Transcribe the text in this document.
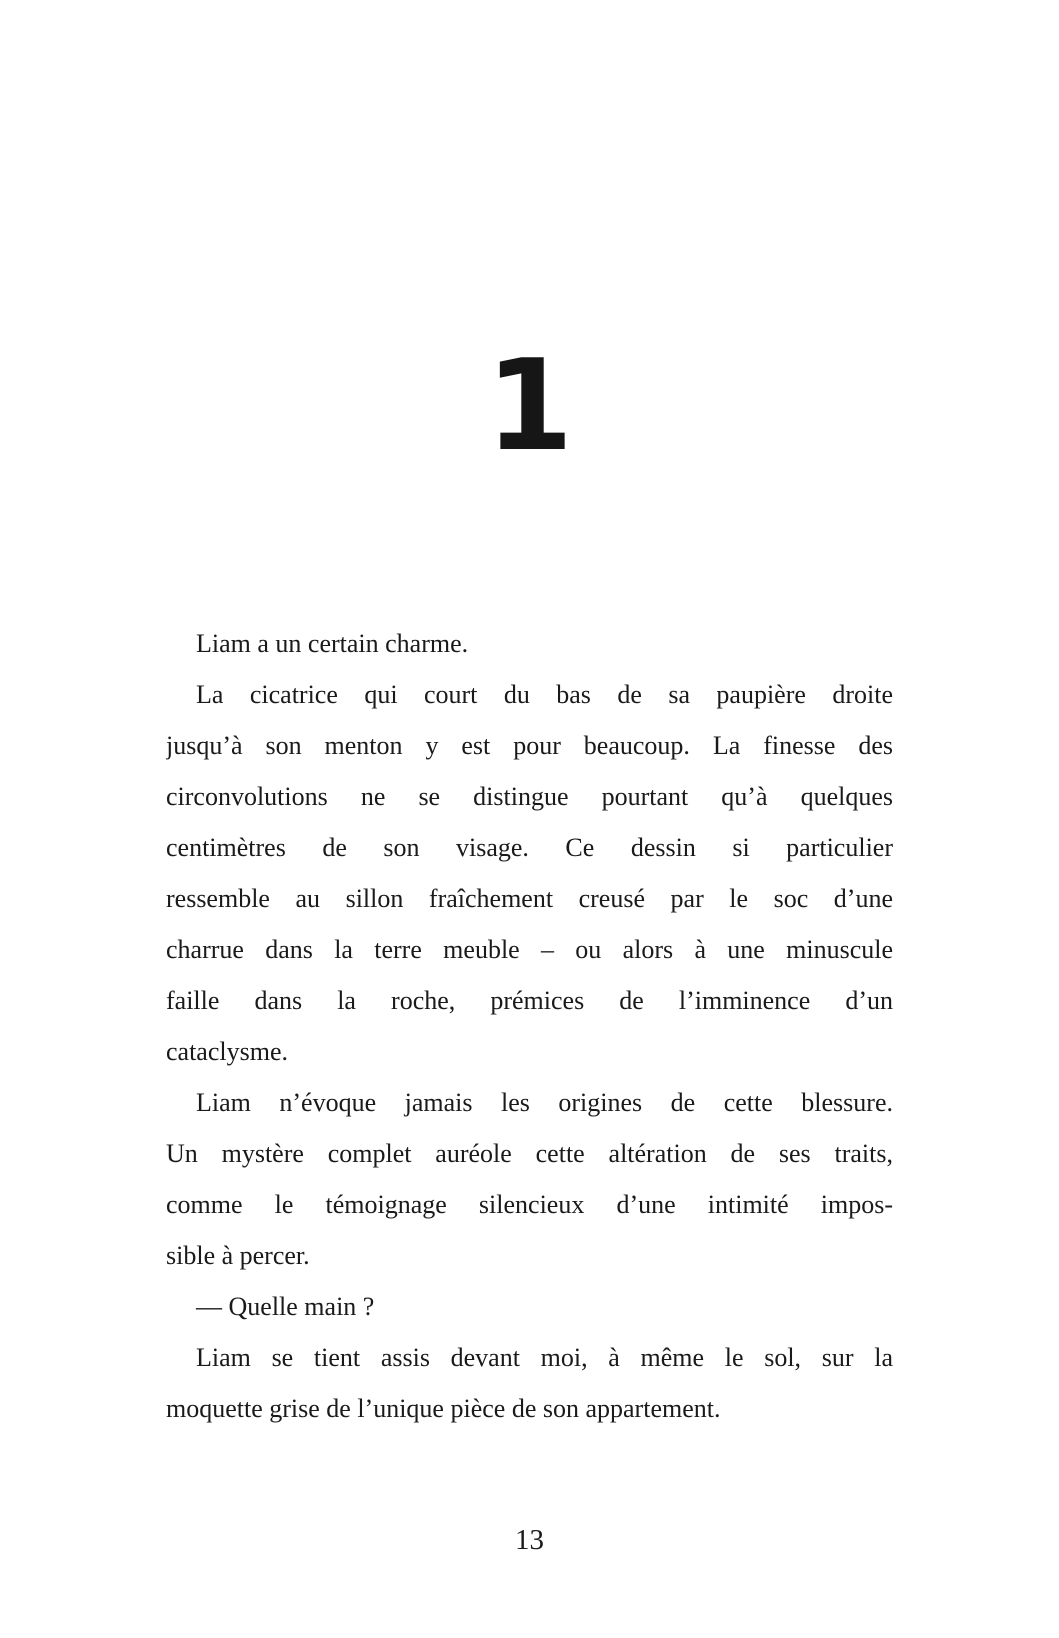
1
Liam a un certain charme.
La cicatrice qui court du bas de sa paupière droite
jusqu’à son menton y est pour beaucoup. La finesse des
circonvolutions ne se distingue pourtant qu’à quelques
centimètres de son visage. Ce dessin si particulier
ressemble au sillon fraîchement creusé par le soc d’une
charrue dans la terre meuble – ou alors à une minuscule
faille dans la roche, prémices de l’imminence d’un
cataclysme.
Liam n’évoque jamais les origines de cette blessure.
Un mystère complet auréole cette altération de ses traits,
comme le témoignage silencieux d’une intimité impos-
sible à percer.
— Quelle main ?
Liam se tient assis devant moi, à même le sol, sur la
moquette grise de l’unique pièce de son appartement.
13
